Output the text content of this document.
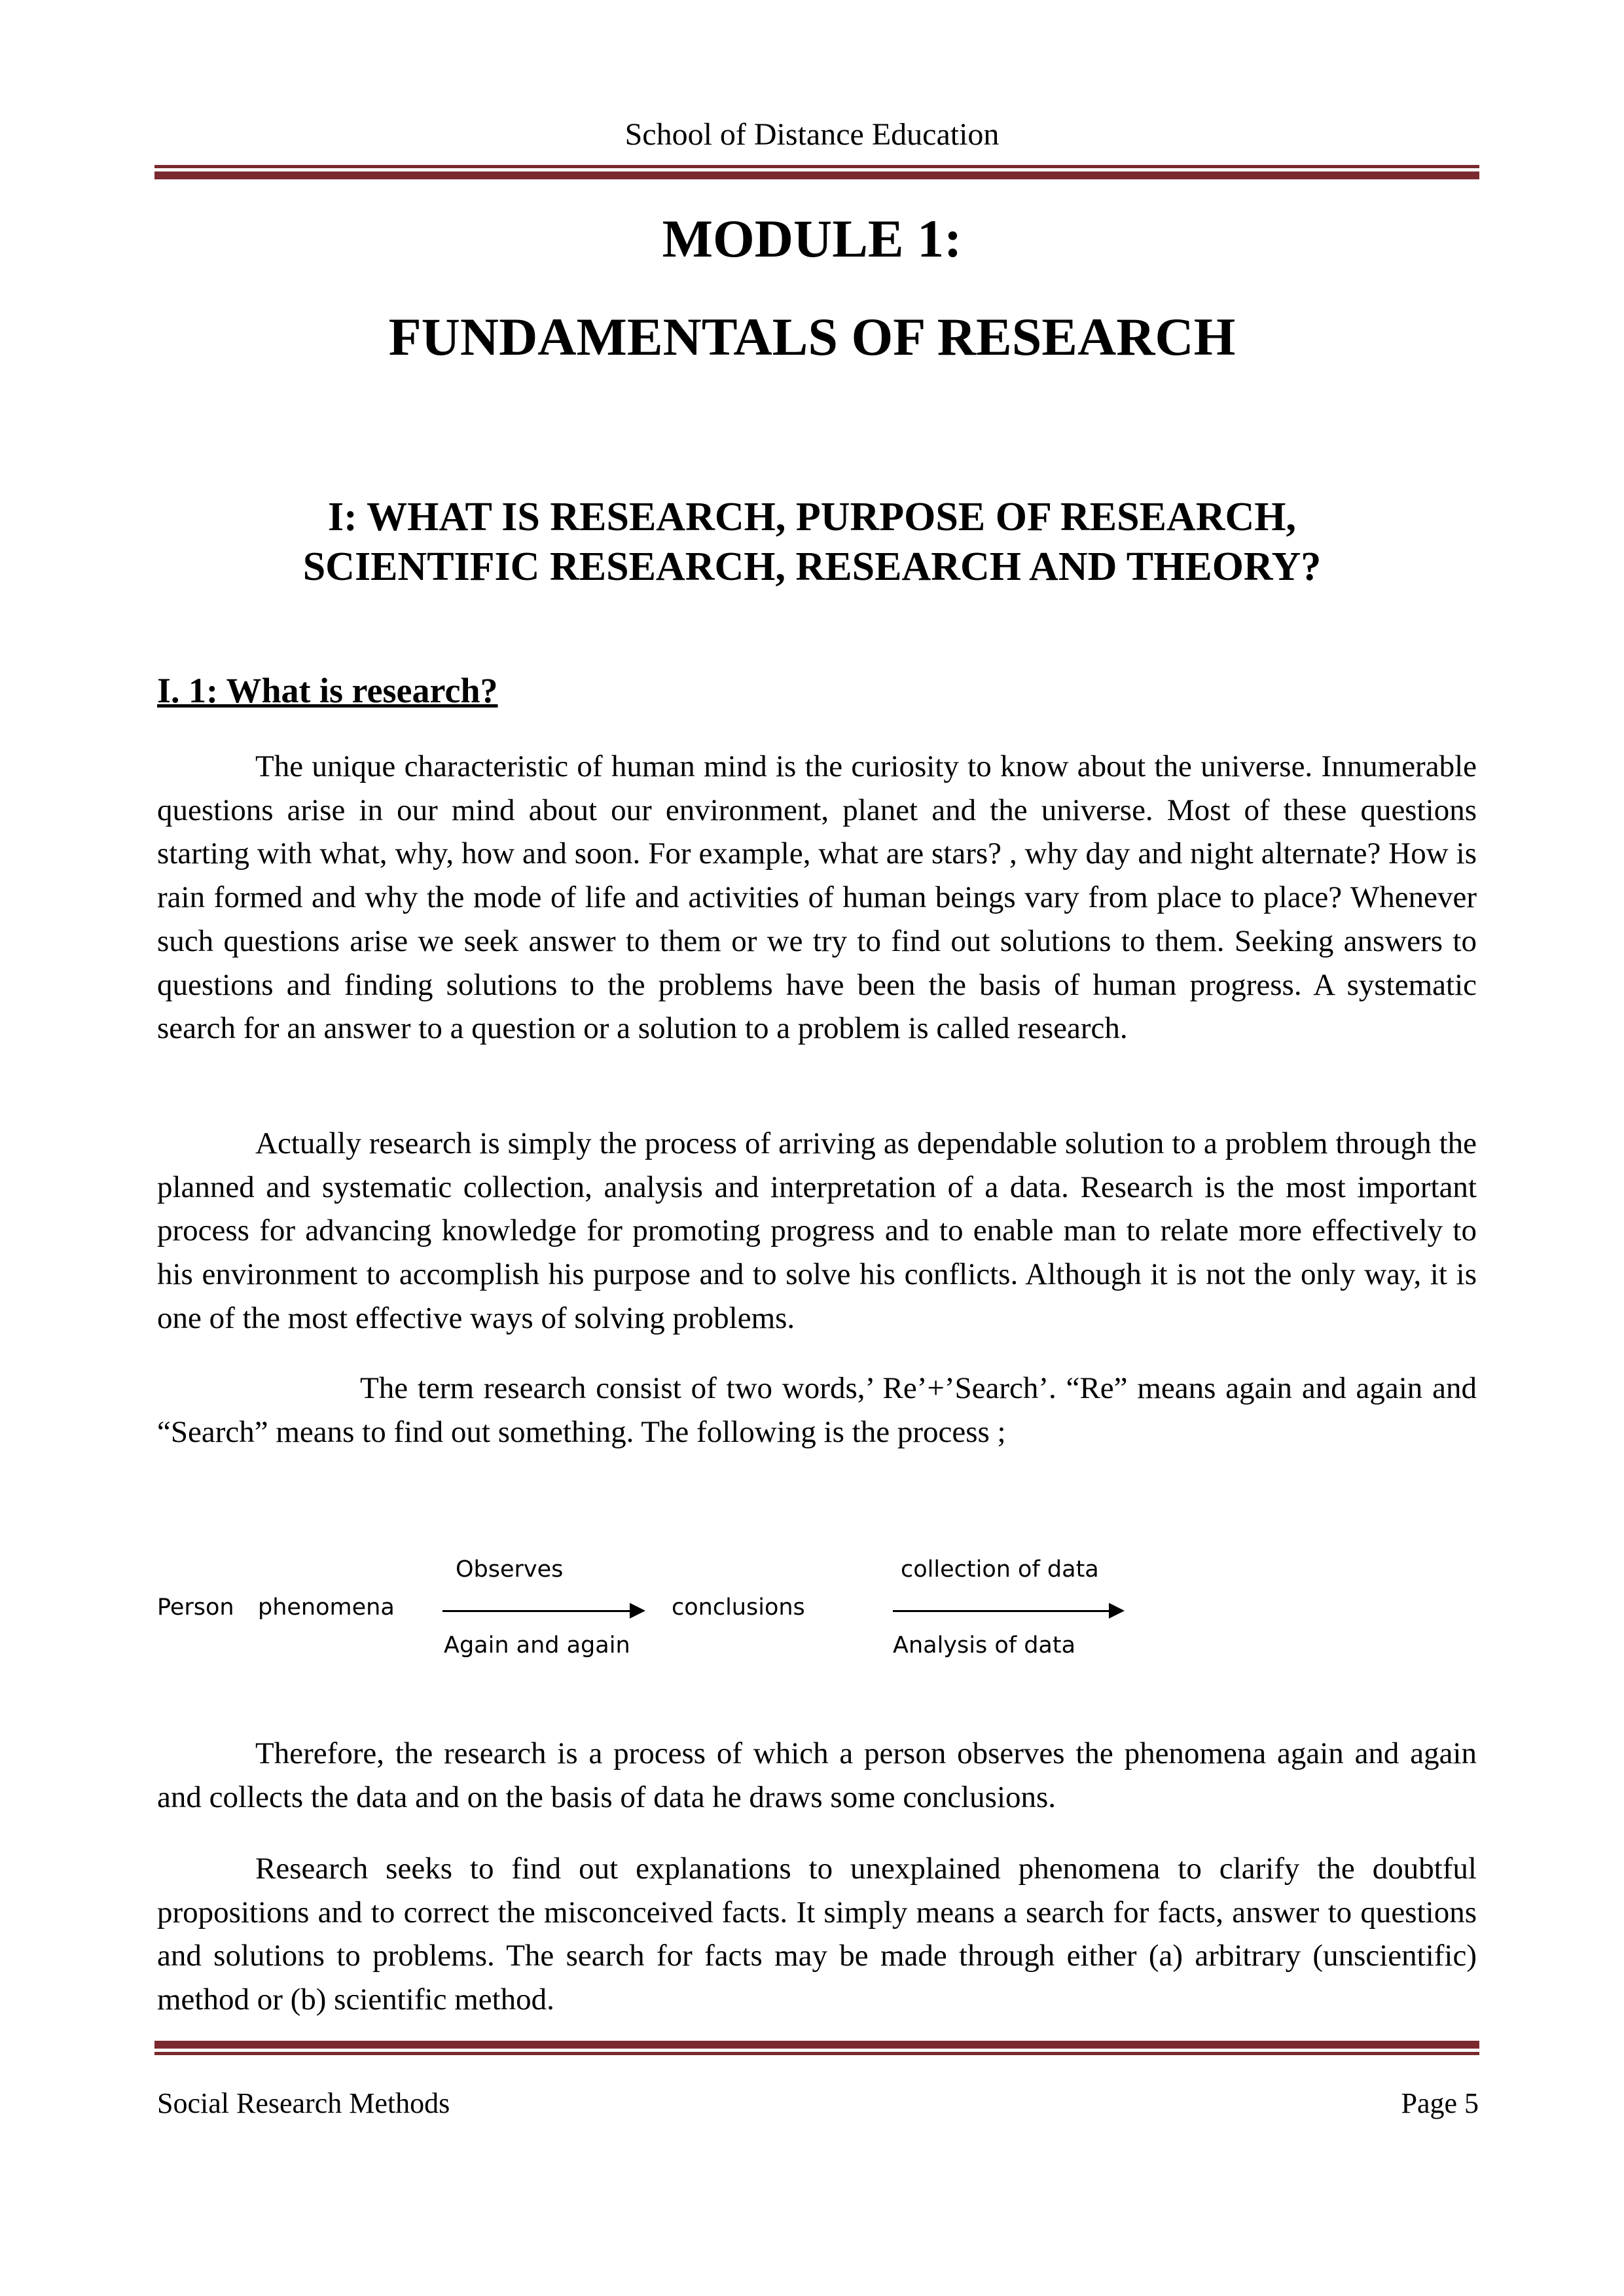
School of Distance Education
MODULE 1:
FUNDAMENTALS OF RESEARCH
I: WHAT IS RESEARCH, PURPOSE OF RESEARCH,
SCIENTIFIC RESEARCH, RESEARCH AND THEORY?
I. 1: What is research?
The unique characteristic of human mind is the curiosity to know about the universe. Innumerable questions arise in our mind about our environment, planet and the universe. Most of these questions starting with what, why, how and soon. For example, what are stars? , why day and night alternate? How is rain formed and why the mode of life and activities of human beings vary from place to place? Whenever such questions arise we seek answer to them or we try to find out solutions to them. Seeking answers to questions and finding solutions to the problems have been the basis of human progress. A systematic search for an answer to a question or a solution to a problem is called research.
Actually research is simply the process of arriving as dependable solution to a problem through the planned and systematic collection, analysis and interpretation of a data. Research is the most important process for advancing knowledge for promoting progress and to enable man to relate more effectively to his environment to accomplish his purpose and to solve his conflicts. Although it is not the only way, it is one of the most effective ways of solving problems.
The term research consist of two words,’ Re’+’Search’. “Re” means again and again and “Search” means to find out something. The following is the process ;
Observes
Person phenomena	conclusions
Again and again
collection of data
Analysis of data
Therefore, the research is a process of which a person observes the phenomena again and again and collects the data and on the basis of data he draws some conclusions.
Research seeks to find out explanations to unexplained phenomena to clarify the doubtful propositions and to correct the misconceived facts. It simply means a search for facts, answer to questions and solutions to problems. The search for facts may be made through either (a) arbitrary (unscientific) method or (b) scientific method.
Social Research Methods	Page 5
